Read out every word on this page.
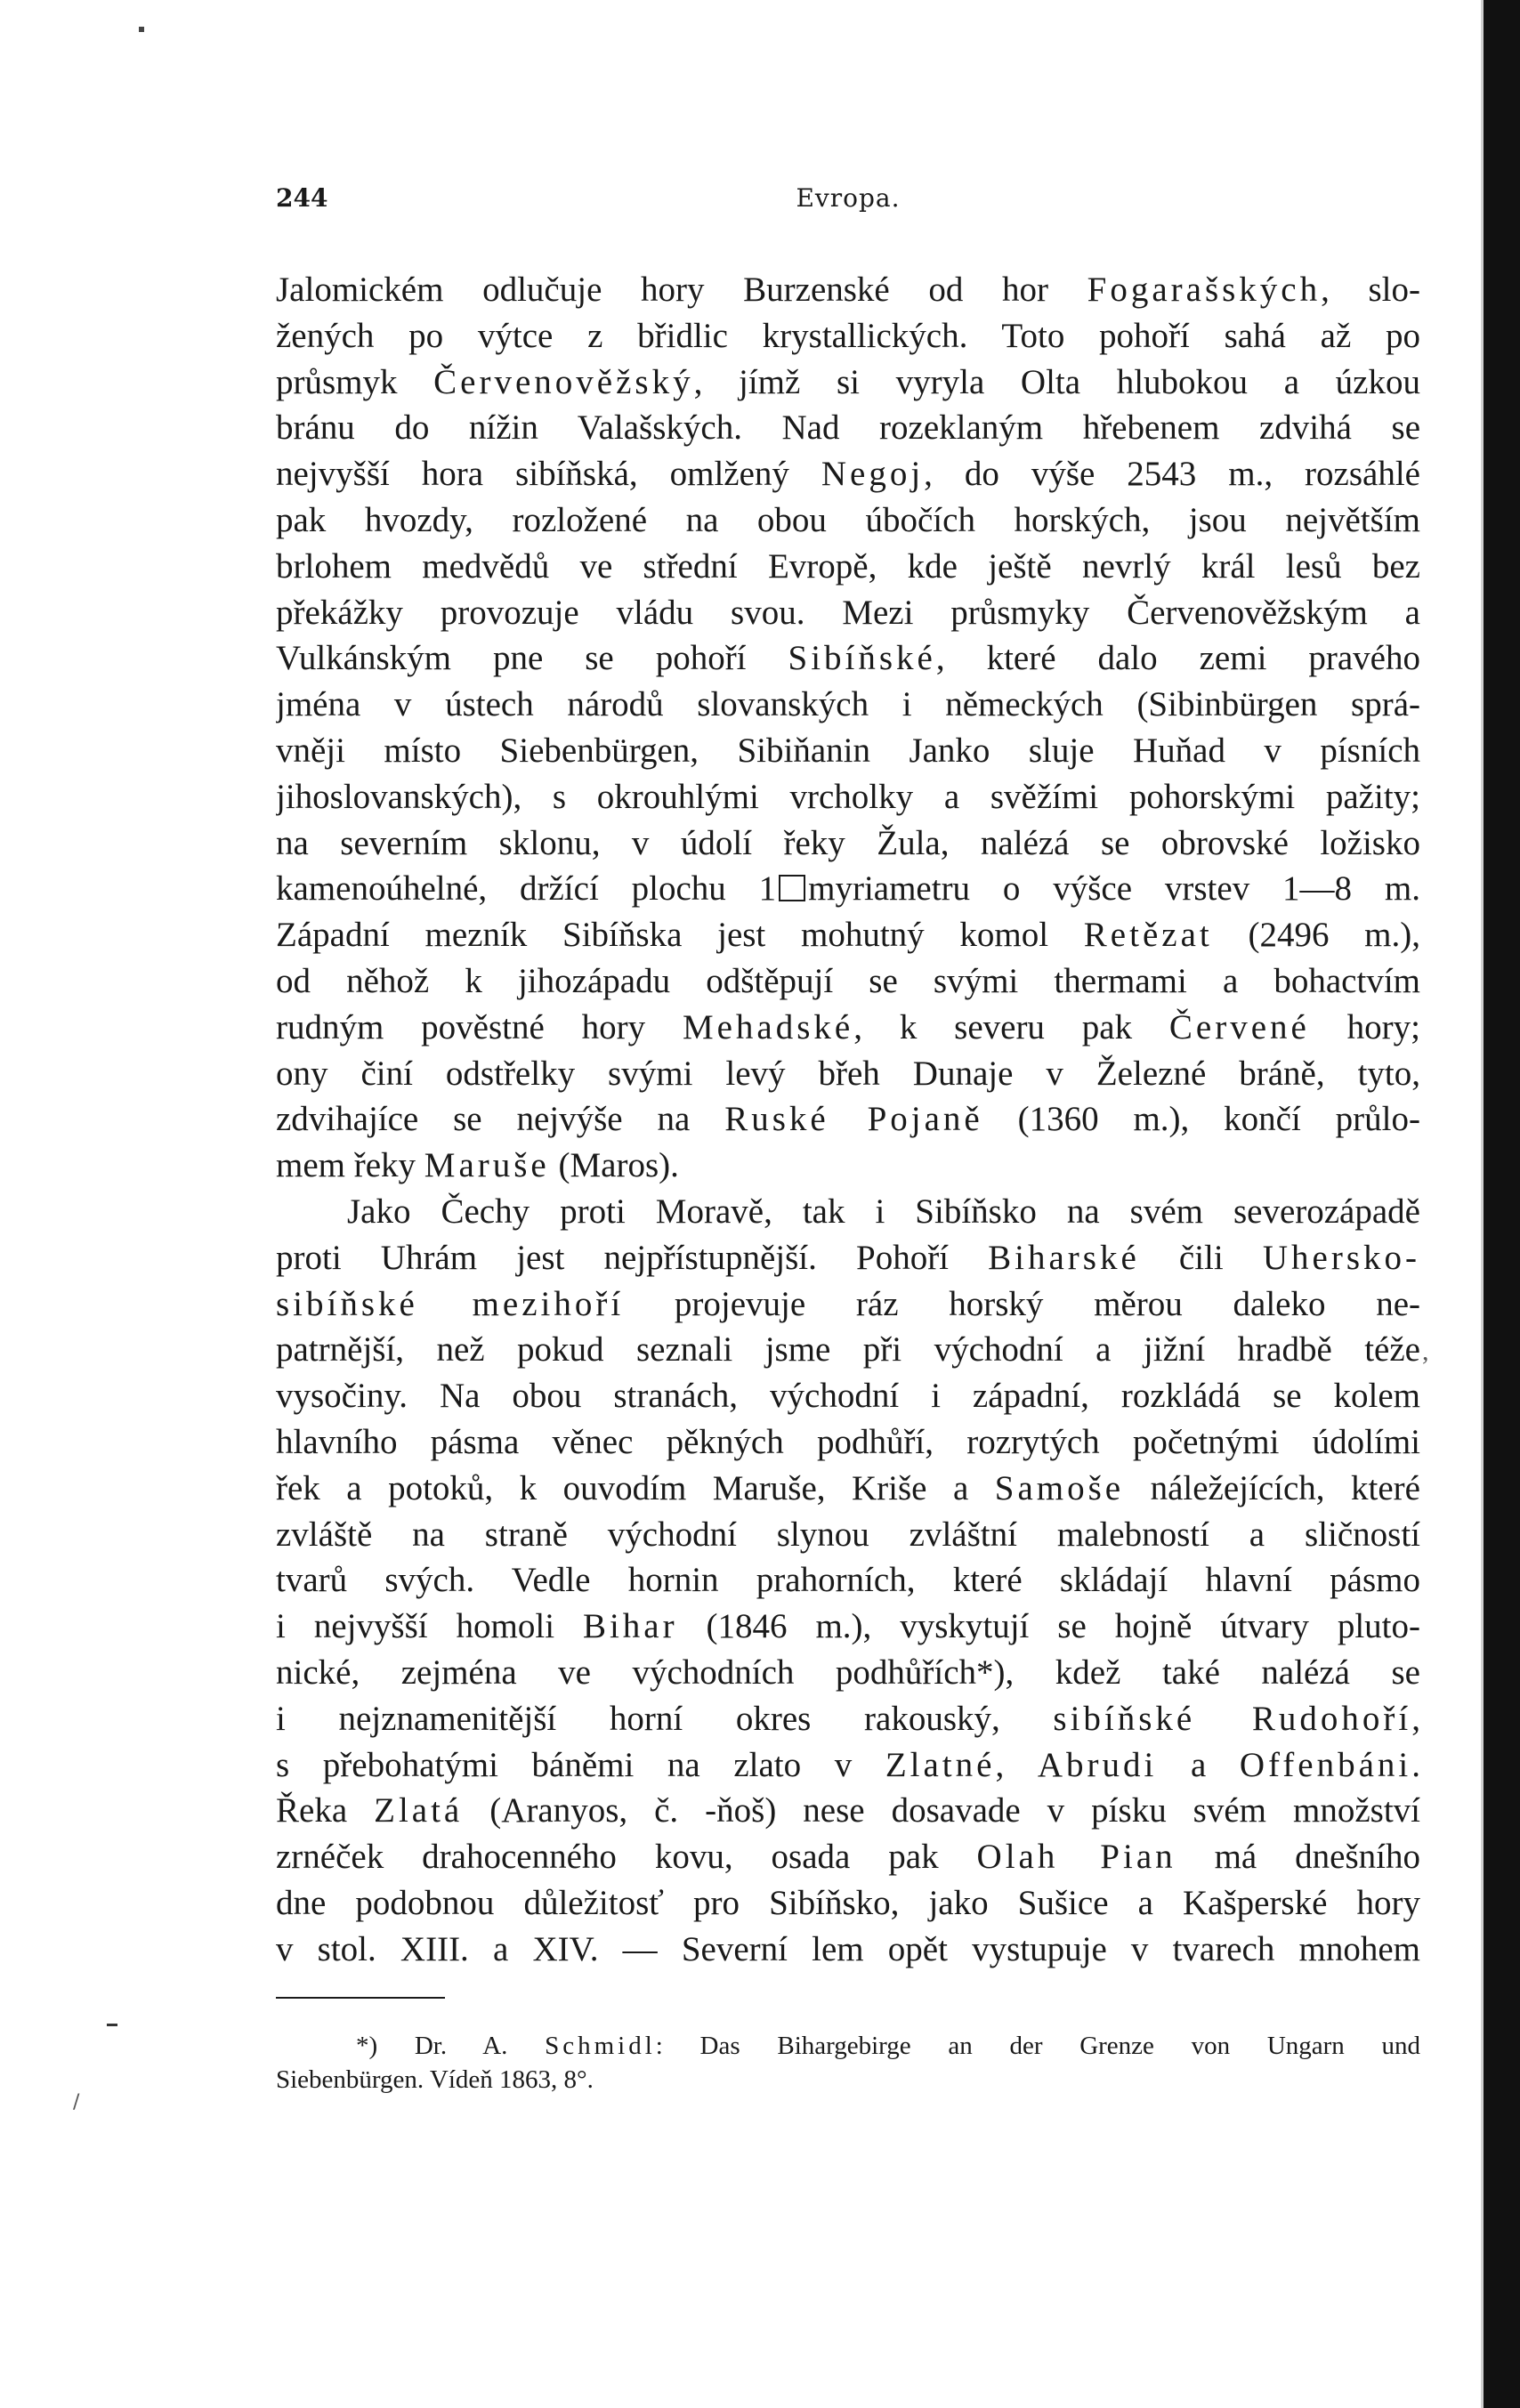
244	Evropa.
Jalomickém odlučuje hory Burzenské od hor Fogarašských, slo-
žených po výtce z břidlic krystallických. Toto pohoří sahá až po
průsmyk Červenověžský, jímž si vyryla Olta hlubokou a úzkou
bránu do nížin Valašských. Nad rozeklaným hřebenem zdvihá se
nejvyšší hora sibíňská, omlžený Negoj, do výše 2543 m., rozsáhlé
pak hvozdy, rozložené na obou úbočích horských, jsou největším
brlohem medvědů ve střední Evropě, kde ještě nevrlý král lesů bez
překážky provozuje vládu svou. Mezi průsmyky Červenověžským a
Vulkánským pne se pohoří Sibíňské, které dalo zemi pravého
jména v ústech národů slovanských i německých (Sibinbürgen sprá-
vněji místo Siebenbürgen, Sibiňanin Janko sluje Huňad v písních
jihoslovanských), s okrouhlými vrcholky a svěžími pohorskými pažity;
na severním sklonu, v údolí řeky Žula, nalézá se obrovské ložisko
kamenoúhelné, držící plochu 1 myriametru o výšce vrstev 1—8 m.
Západní mezník Sibíňska jest mohutný komol Retězat (2496 m.),
od něhož k jihozápadu odštěpují se svými thermami a bohactvím
rudným pověstné hory Mehadské, k severu pak Červené hory;
ony činí odstřelky svými levý břeh Dunaje v Železné bráně, tyto,
zdvihajíce se nejvýše na Ruské Pojaně (1360 m.), končí průlo-
mem řeky Maruše (Maros).
Jako Čechy proti Moravě, tak i Sibíňsko na svém severozápadě
proti Uhrám jest nejpřístupnější. Pohoří Biharské čili Uhersko-
sibíňské mezihoří projevuje ráz horský měrou daleko ne-
patrnější, než pokud seznali jsme při východní a jižní hradbě téže
vysočiny. Na obou stranách, východní i západní, rozkládá se kolem
hlavního pásma věnec pěkných podhůří, rozrytých početnými údolími
řek a potoků, k ouvodím Maruše, Kriše a Samoše náležejících, které
zvláště na straně východní slynou zvláštní malebností a sličností
tvarů svých. Vedle hornin prahorních, které skládají hlavní pásmo
i nejvyšší homoli Bihar (1846 m.), vyskytují se hojně útvary pluto-
nické, zejména ve východních podhůřích*), kdež také nalézá se
i nejznamenitější horní okres rakouský, sibíňské Rudohoří,
s přebohatými báněmi na zlato v Zlatné, Abrudi a Offenbáni.
Řeka Zlatá (Aranyos, č. -ňoš) nese dosavade v písku svém množství
zrnéček drahocenného kovu, osada pak Olah Pian má dnešního
dne podobnou důležitosť pro Sibíňsko, jako Sušice a Kašperské hory
v stol. XIII. a XIV. — Severní lem opět vystupuje v tvarech mnohem
,
*) Dr. A. Schmidl: Das Bihargebirge an der Grenze von Ungarn und
Siebenbürgen. Vídeň 1863, 8°.
/
